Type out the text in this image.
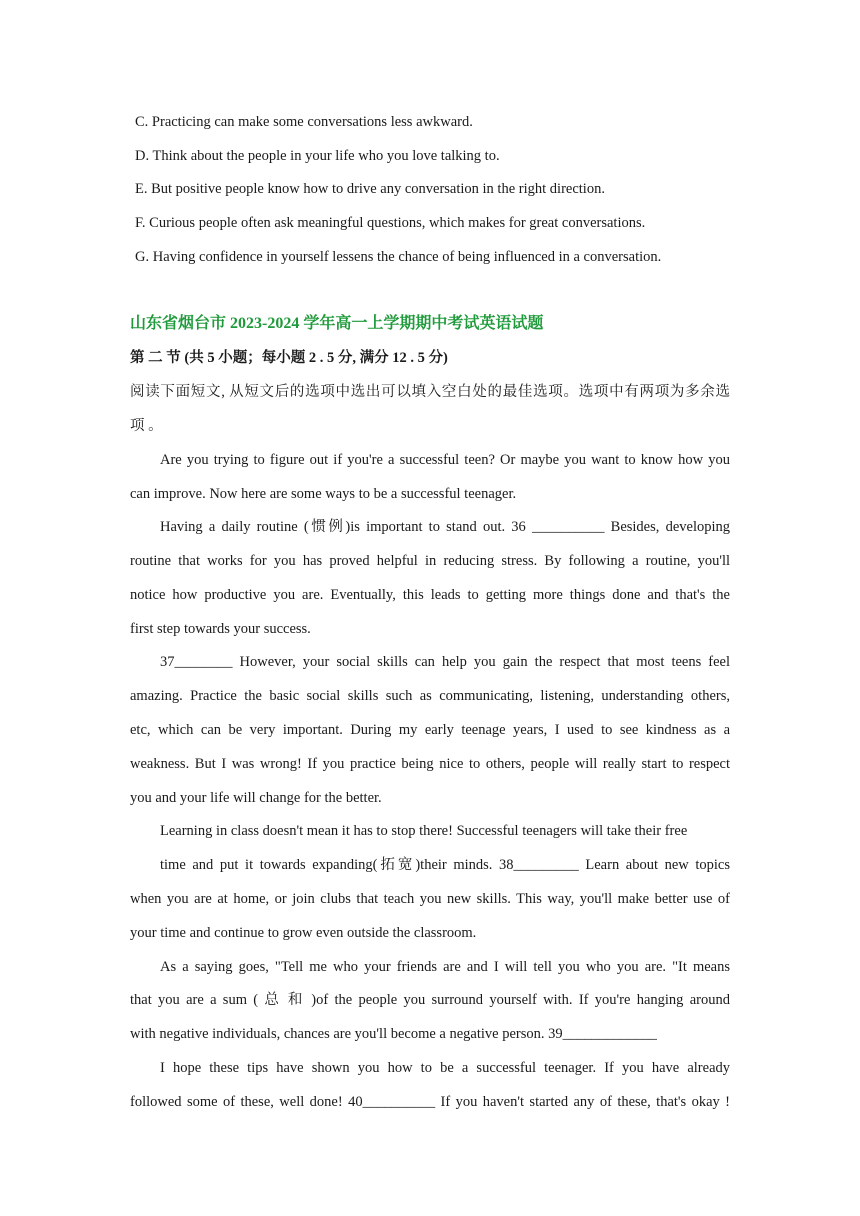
C. Practicing can make some conversations less awkward.
D. Think about the people in your life who you love talking to.
E. But positive people know how to drive any conversation in the right direction.
F. Curious people often ask meaningful questions, which makes for great conversations.
G. Having confidence in yourself lessens the chance of being influenced in a conversation.
山东省烟台市 2023-2024 学年高一上学期期中考试英语试题
第 二 节 (共 5 小题；每小题 2 . 5 分, 满分 12 . 5 分)
阅读下面短文, 从短文后的选项中选出可以填入空白处的最佳选项。选项中有两项为多余选
项 。
Are you trying to figure out if you're a successful teen? Or maybe you want to know how you
can improve. Now here are some ways to be a successful teenager.
Having a daily routine (惯例)is important to stand out. 36 __________ Besides, developing
routine that works for you has proved helpful in reducing stress. By following a routine, you'll
notice how productive you are. Eventually, this leads to getting more things done and that's the
first step towards your success.
37________ However, your social skills can help you gain the respect that most teens feel
amazing. Practice the basic social skills such as communicating, listening, understanding others,
etc, which can be very important. During my early teenage years, I used to see kindness as a
weakness. But I was wrong! If you practice being nice to others, people will really start to respect
you and your life will change for the better.
Learning in class doesn't mean it has to stop there! Successful teenagers will take their free
time and put it towards expanding(拓宽)their minds. 38_________ Learn about new topics
when you are at home, or join clubs that teach you new skills. This way, you'll make better use of
your time and continue to grow even outside the classroom.
As a saying goes, "Tell me who your friends are and I will tell you who you are. "It means
that you are a sum ( 总 和 )of the people you surround yourself with. If you're hanging around
with negative individuals, chances are you'll become a negative person. 39_____________
I hope these tips have shown you how to be a successful teenager. If you have already
followed some of these, well done! 40__________ If you haven't started any of these, that's okay !
